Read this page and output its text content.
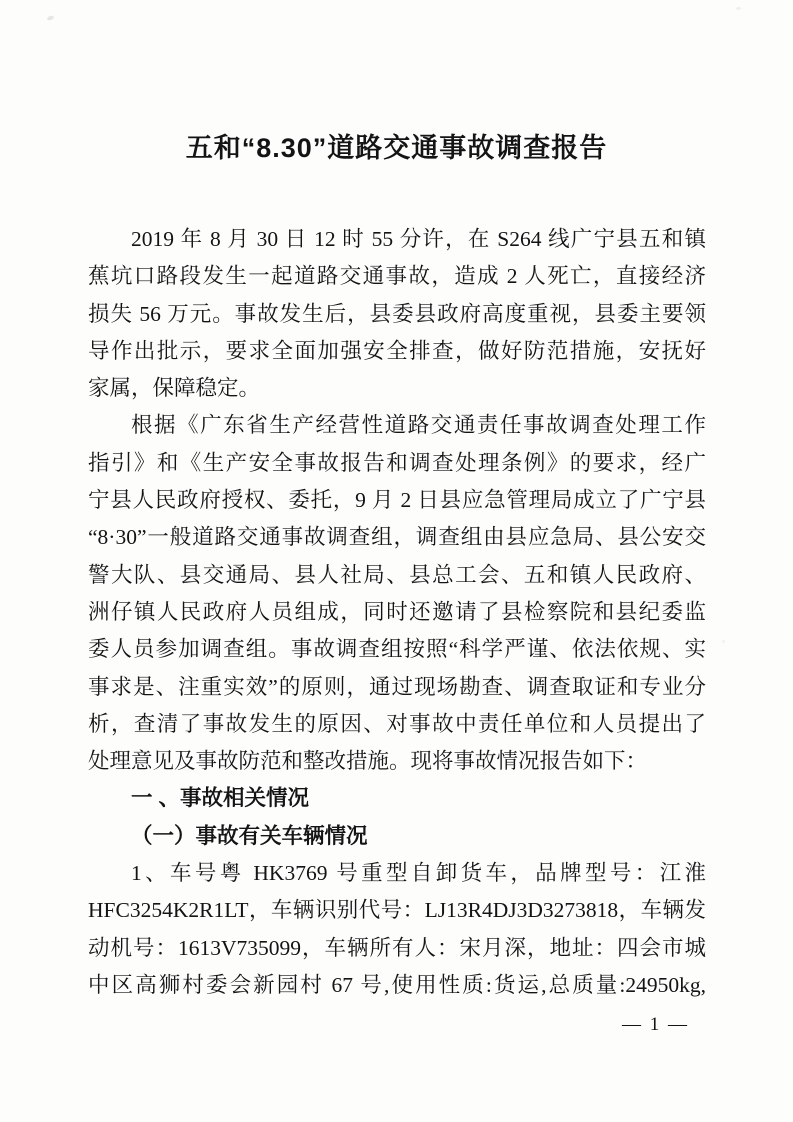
五和“8.30”道路交通事故调查报告
2019 年 8 月 30 日 12 时 55 分许，在 S264 线广宁县五和镇
蕉坑口路段发生一起道路交通事故，造成 2 人死亡，直接经济
损失 56 万元。事故发生后，县委县政府高度重视，县委主要领
导作出批示，要求全面加强安全排查，做好防范措施，安抚好
家属，保障稳定。
根据《广东省生产经营性道路交通责任事故调查处理工作
指引》和《生产安全事故报告和调查处理条例》的要求，经广
宁县人民政府授权、委托，9 月 2 日县应急管理局成立了广宁县
“8·30”一般道路交通事故调查组，调查组由县应急局、县公安交
警大队、县交通局、县人社局、县总工会、五和镇人民政府、
洲仔镇人民政府人员组成，同时还邀请了县检察院和县纪委监
委人员参加调查组。事故调查组按照“科学严谨、依法依规、实
事求是、注重实效”的原则，通过现场勘查、调查取证和专业分
析，查清了事故发生的原因、对事故中责任单位和人员提出了
处理意见及事故防范和整改措施。现将事故情况报告如下：
一 、事故相关情况
（一）事故有关车辆情况
1、车号粤 HK3769 号重型自卸货车，品牌型号：江淮
HFC3254K2R1LT，车辆识别代号：LJ13R4DJ3D3273818，车辆发
动机号：1613V735099，车辆所有人：宋月深，地址：四会市城
中区高狮村委会新园村 67 号,使用性质:货运,总质量:24950kg,
— 1 —
